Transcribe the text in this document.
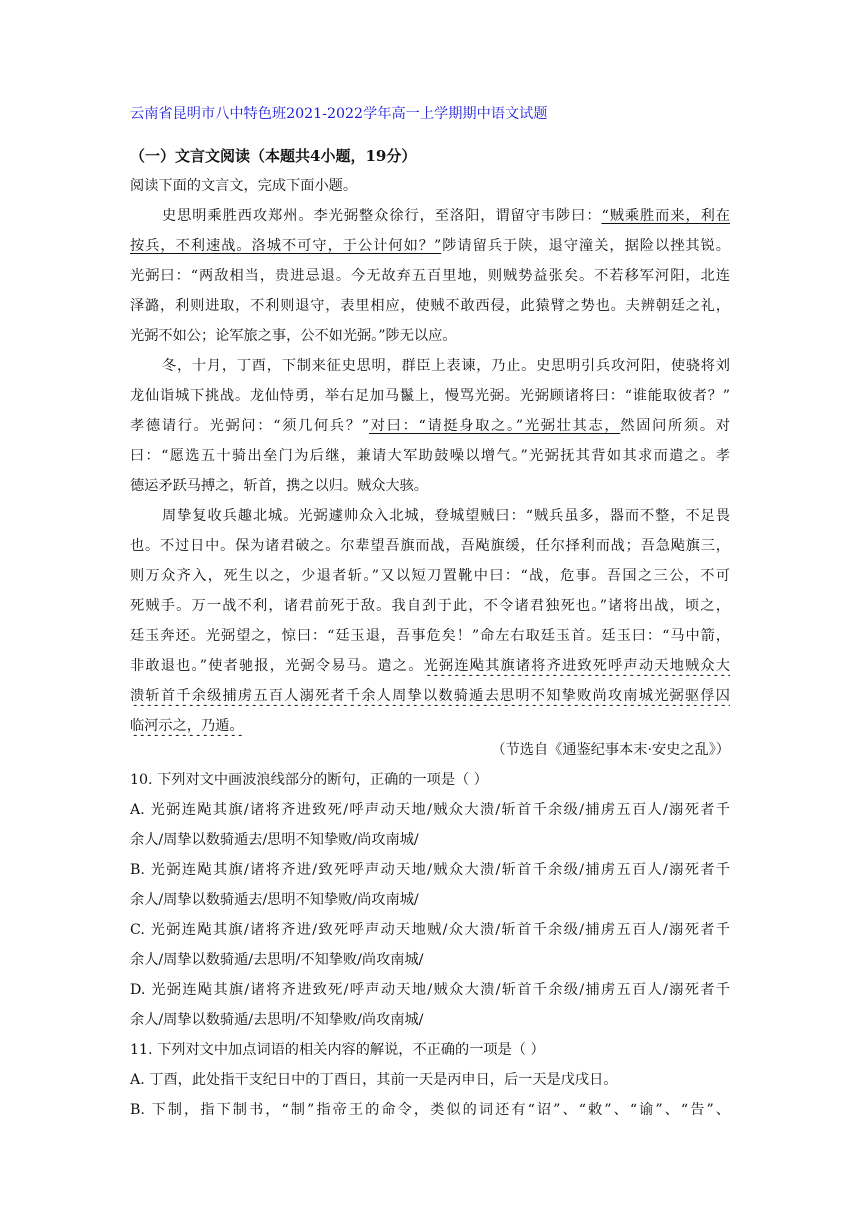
云南省昆明市八中特色班2021-2022学年高一上学期期中语文试题
（一）文言文阅读（本题共4小题，19分）
阅读下面的文言文，完成下面小题。
史思明乘胜西攻郑州。李光弼整众徐行，至洛阳，谓留守韦陟曰：“贼乘胜而来，利在
按兵，不利速战。洛城不可守，于公计何如？”陟请留兵于陕，退守潼关，据险以挫其锐。
光弼曰：“两敌相当，贵进忌退。今无故弃五百里地，则贼势益张矣。不若移军河阳，北连
泽潞，利则进取，不利则退守，表里相应，使贼不敢西侵，此猿臂之势也。夫辨朝廷之礼，
光弼不如公；论军旅之事，公不如光弼。”陟无以应。
冬，十月，丁酉，下制来征史思明，群臣上表谏，乃止。史思明引兵攻河阳，使骁将刘
龙仙诣城下挑战。龙仙恃勇，举右足加马鬣上，慢骂光弼。光弼顾诸将曰：“谁能取彼者？”
孝德请行。光弼问：“须几何兵？”对曰：“请挺身取之。”光弼壮其志，然固问所须。对
曰：“愿选五十骑出垒门为后继，兼请大军助鼓噪以增气。”光弼抚其背如其求而遣之。孝
德运矛跃马搏之，斩首，携之以归。贼众大骇。
周挚复收兵趣北城。光弼遽帅众入北城，登城望贼曰：“贼兵虽多，器而不整，不足畏
也。不过日中。保为诸君破之。尔辈望吾旗而战，吾飐旗缓，任尔择利而战；吾急飐旗三，
则万众齐入，死生以之，少退者斩。”又以短刀置靴中曰：“战，危事。吾国之三公，不可
死贼手。万一战不利，诸君前死于敌。我自刭于此，不令诸君独死也。”诸将出战，顷之，
廷玉奔还。光弼望之，惊曰：“廷玉退，吾事危矣！”命左右取廷玉首。廷玉曰：“马中箭，
非敢退也。”使者驰报，光弼令易马。遣之。光弼连飐其旗诸将齐进致死呼声动天地贼众大
溃斩首千余级捕虏五百人溺死者千余人周挚以数骑遁去思明不知挚败尚攻南城光弼驱俘囚
临河示之，乃遁。
（节选自《通鉴纪事本末·安史之乱》）
10. 下列对文中画波浪线部分的断句，正确的一项是（ ）
A. 光弼连飐其旗/诸将齐进致死/呼声动天地/贼众大溃/斩首千余级/捕虏五百人/溺死者千
余人/周挚以数骑遁去/思明不知挚败/尚攻南城/
B. 光弼连飐其旗/诸将齐进/致死呼声动天地/贼众大溃/斩首千余级/捕虏五百人/溺死者千
余人/周挚以数骑遁去/思明不知挚败/尚攻南城/
C. 光弼连飐其旗/诸将齐进/致死呼声动天地贼/众大溃/斩首千余级/捕虏五百人/溺死者千
余人/周挚以数骑遁/去思明/不知挚败/尚攻南城/
D. 光弼连飐其旗/诸将齐进致死/呼声动天地/贼众大溃/斩首千余级/捕虏五百人/溺死者千
余人/周挚以数骑遁/去思明/不知挚败/尚攻南城/
11. 下列对文中加点词语的相关内容的解说，不正确的一项是（ ）
A. 丁酉，此处指干支纪日中的丁酉日，其前一天是丙申日，后一天是戊戌日。
B. 下制，指下制书，“制”指帝王的命令，类似的词还有“诏”、“敕”、“谕”、“告”、
